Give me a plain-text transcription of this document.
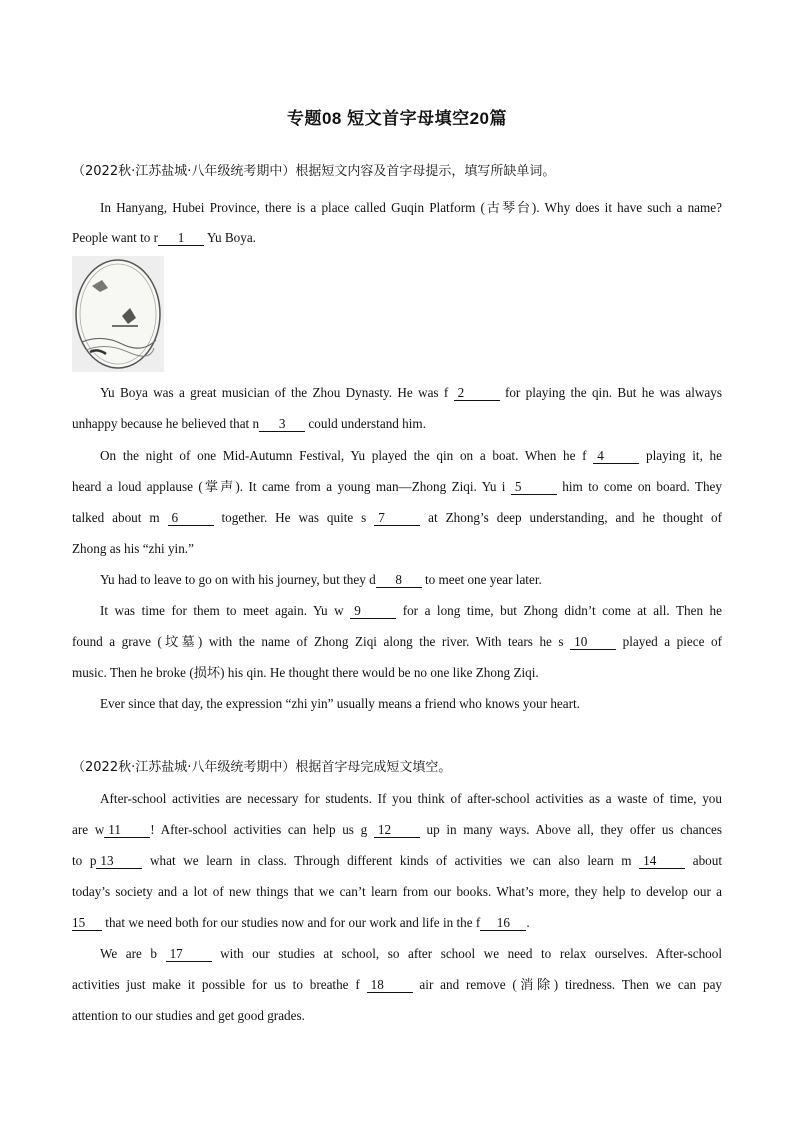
专题08 短文首字母填空20篇
（2022秋·江苏盐城·八年级统考期中）根据短文内容及首字母提示，填写所缺单词。
In Hanyang, Hubei Province, there is a place called Guqin Platform (古琴台). Why does it have such a name?
People want to r 1 Yu Boya.
Yu Boya was a great musician of the Zhou Dynasty. He was f 2	for playing the qin. But he was always
unhappy because he believed that n 3 could understand him.
On the night of one Mid-Autumn Festival, Yu played the qin on a boat. When he f 4	playing it, he
heard a loud applause (掌声). It came from a young man—Zhong Ziqi. Yu i 5	him to come on board. They
talked about m 6	together. He was quite s 7	at Zhong’s deep understanding, and he thought of
Zhong as his “zhi yin.”
Yu had to leave to go on with his journey, but they d 8 to meet one year later.
It was time for them to meet again. Yu w 9	for a long time, but Zhong didn’t come at all. Then he
found a grave (坟墓) with the name of Zhong Ziqi along the river. With tears he s 10	played a piece of
music. Then he broke (损坏) his qin. He thought there would be no one like Zhong Ziqi.
Ever since that day, the expression “zhi yin” usually means a friend who knows your heart.
（2022秋·江苏盐城·八年级统考期中）根据首字母完成短文填空。
After-school activities are necessary for students. If you think of after-school activities as a waste of time, you
are w 11 ! After-school activities can help us g 12	up in many ways. Above all, they offer us chances
to p 13	what we learn in class. Through different kinds of activities we can also learn m 14	about
today’s society and a lot of new things that we can’t learn from our books. What’s more, they help to develop our a
15 that we need both for our studies now and for our work and life in the f 16 .
We are b 17	with our studies at school, so after school we need to relax ourselves. After-school
activities just make it possible for us to breathe f 18	air and remove (消除) tiredness. Then we can pay
attention to our studies and get good grades.
